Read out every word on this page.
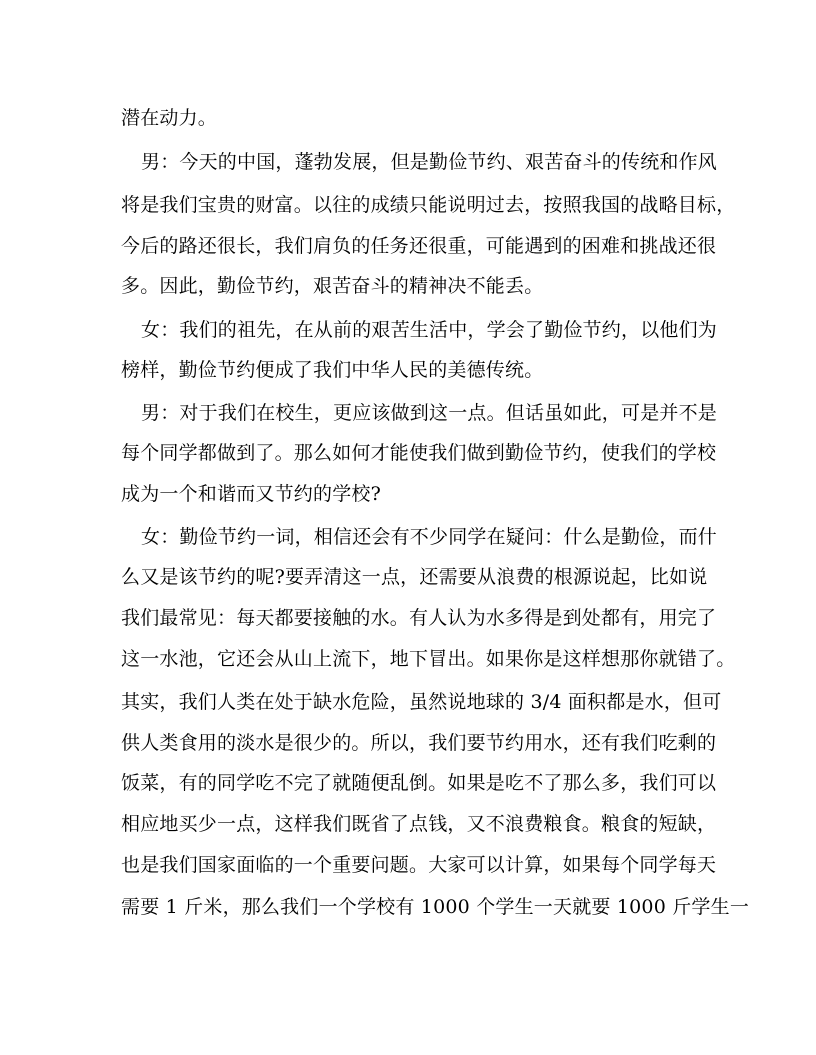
潜在动力。
男：今天的中国，蓬勃发展，但是勤俭节约、艰苦奋斗的传统和作风
将是我们宝贵的财富。以往的成绩只能说明过去，按照我国的战略目标，
今后的路还很长，我们肩负的任务还很重，可能遇到的困难和挑战还很
多。因此，勤俭节约，艰苦奋斗的精神决不能丢。
女：我们的祖先，在从前的艰苦生活中，学会了勤俭节约，以他们为
榜样，勤俭节约便成了我们中华人民的美德传统。
男：对于我们在校生，更应该做到这一点。但话虽如此，可是并不是
每个同学都做到了。那么如何才能使我们做到勤俭节约，使我们的学校
成为一个和谐而又节约的学校?
女：勤俭节约一词，相信还会有不少同学在疑问：什么是勤俭，而什
么又是该节约的呢?要弄清这一点，还需要从浪费的根源说起，比如说
我们最常见：每天都要接触的水。有人认为水多得是到处都有，用完了
这一水池，它还会从山上流下，地下冒出。如果你是这样想那你就错了。
其实，我们人类在处于缺水危险，虽然说地球的 3/4 面积都是水，但可
供人类食用的淡水是很少的。所以，我们要节约用水，还有我们吃剩的
饭菜，有的同学吃不完了就随便乱倒。如果是吃不了那么多，我们可以
相应地买少一点，这样我们既省了点钱，又不浪费粮食。粮食的短缺，
也是我们国家面临的一个重要问题。大家可以计算，如果每个同学每天
需要 1 斤米，那么我们一个学校有 1000 个学生一天就要 1000 斤学生一
